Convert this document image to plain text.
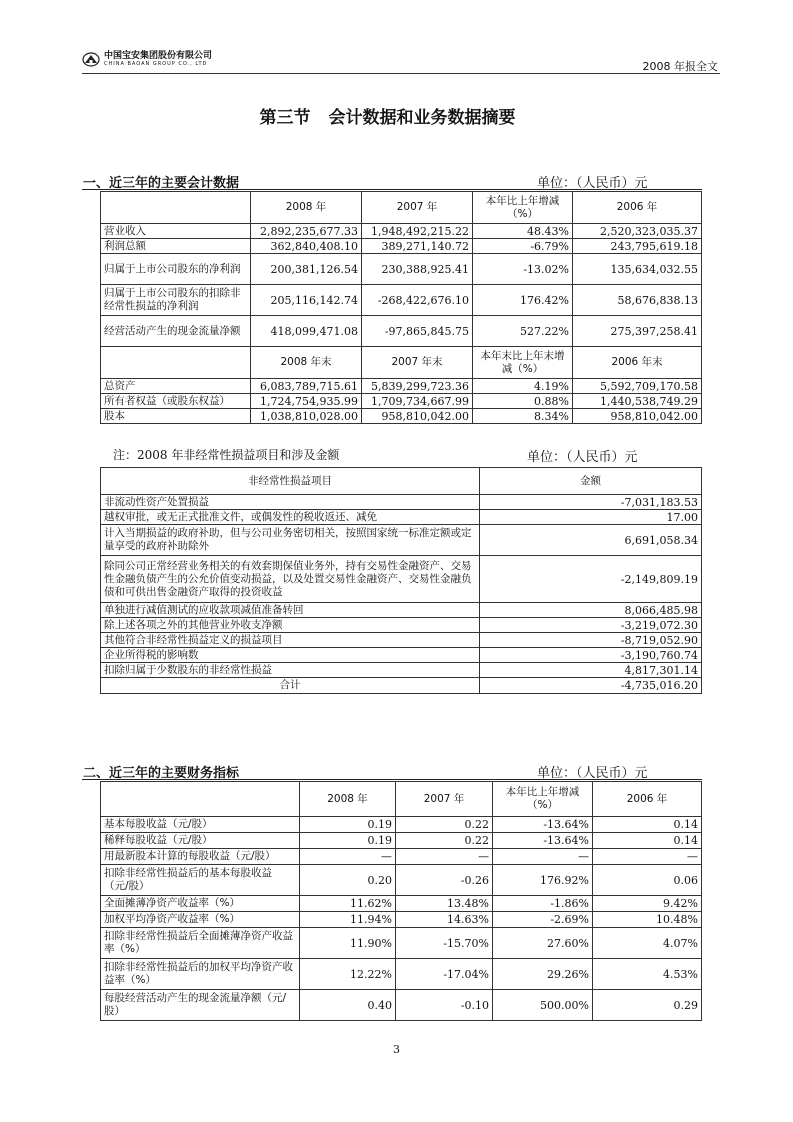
中国宝安集团股份有限公司
CHINA BAOAN GROUP CO., LTD	2008 年报全文
第三节 会计数据和业务数据摘要
一、近三年的主要会计数据	单位：（人民币）元
	2008 年	2007 年	本年比上年增减（%）	2006 年
营业收入	2,892,235,677.33	1,948,492,215.22	48.43%	2,520,323,035.37
利润总额	362,840,408.10	389,271,140.72	-6.79%	243,795,619.18
归属于上市公司股东的净利润	200,381,126.54	230,388,925.41	-13.02%	135,634,032.55
归属于上市公司股东的扣除非经常性损益的净利润	205,116,142.74	-268,422,676.10	176.42%	58,676,838.13
经营活动产生的现金流量净额	418,099,471.08	-97,865,845.75	527.22%	275,397,258.41
	2008 年末	2007 年末	本年末比上年末增减（%）	2006 年末
总资产	6,083,789,715.61	5,839,299,723.36	4.19%	5,592,709,170.58
所有者权益（或股东权益）	1,724,754,935.99	1,709,734,667.99	0.88%	1,440,538,749.29
股本	1,038,810,028.00	958,810,042.00	8.34%	958,810,042.00
注：2008 年非经常性损益项目和涉及金额	单位：（人民币）元
非经常性损益项目	金额
非流动性资产处置损益	-7,031,183.53
越权审批，或无正式批准文件，或偶发性的税收返还、减免	17.00
计入当期损益的政府补助，但与公司业务密切相关，按照国家统一标准定额或定量享受的政府补助除外	6,691,058.34
除同公司正常经营业务相关的有效套期保值业务外，持有交易性金融资产、交易性金融负债产生的公允价值变动损益，以及处置交易性金融资产、交易性金融负债和可供出售金融资产取得的投资收益	-2,149,809.19
单独进行减值测试的应收款项减值准备转回	8,066,485.98
除上述各项之外的其他营业外收支净额	-3,219,072.30
其他符合非经常性损益定义的损益项目	-8,719,052.90
企业所得税的影响数	-3,190,760.74
扣除归属于少数股东的非经常性损益	4,817,301.14
合计	-4,735,016.20
二、近三年的主要财务指标	单位：（人民币）元
	2008 年	2007 年	本年比上年增减（%）	2006 年
基本每股收益（元/股）	0.19	0.22	-13.64%	0.14
稀释每股收益（元/股）	0.19	0.22	-13.64%	0.14
用最新股本计算的每股收益（元/股）	—	—	—	—
扣除非经常性损益后的基本每股收益（元/股）	0.20	-0.26	176.92%	0.06
全面摊薄净资产收益率（%）	11.62%	13.48%	-1.86%	9.42%
加权平均净资产收益率（%）	11.94%	14.63%	-2.69%	10.48%
扣除非经常性损益后全面摊薄净资产收益率（%）	11.90%	-15.70%	27.60%	4.07%
扣除非经常性损益后的加权平均净资产收益率（%）	12.22%	-17.04%	29.26%	4.53%
每股经营活动产生的现金流量净额（元/股）	0.40	-0.10	500.00%	0.29
3
